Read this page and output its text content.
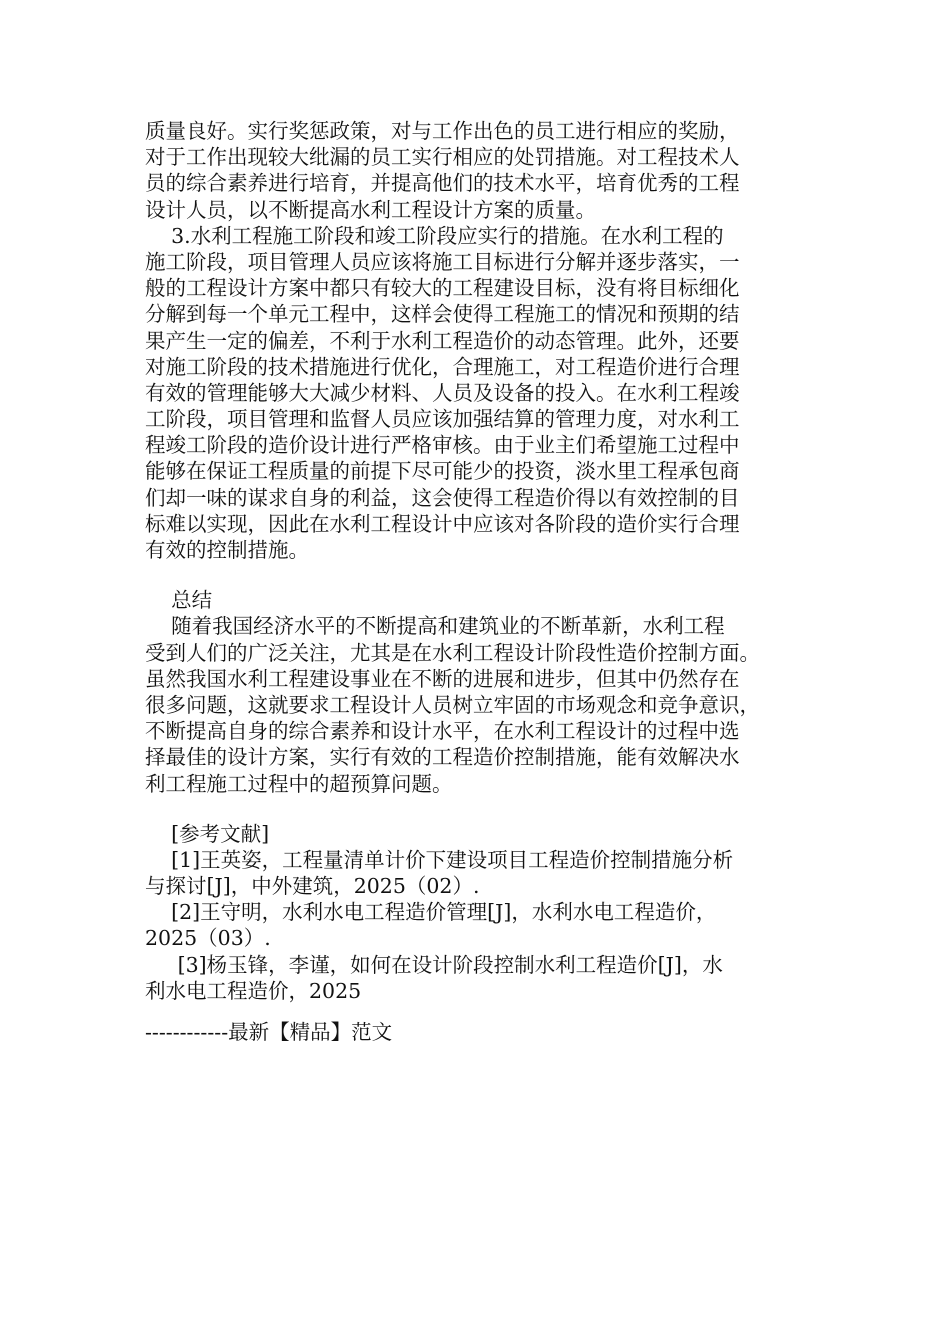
质量良好。实行奖惩政策，对与工作出色的员工进行相应的奖励，
对于工作出现较大纰漏的员工实行相应的处罚措施。对工程技术人
员的综合素养进行培育，并提高他们的技术水平，培育优秀的工程
设计人员，以不断提高水利工程设计方案的质量。
3.水利工程施工阶段和竣工阶段应实行的措施。在水利工程的
施工阶段，项目管理人员应该将施工目标进行分解并逐步落实，一
般的工程设计方案中都只有较大的工程建设目标，没有将目标细化
分解到每一个单元工程中，这样会使得工程施工的情况和预期的结
果产生一定的偏差，不利于水利工程造价的动态管理。此外，还要
对施工阶段的技术措施进行优化，合理施工，对工程造价进行合理
有效的管理能够大大减少材料、人员及设备的投入。在水利工程竣
工阶段，项目管理和监督人员应该加强结算的管理力度，对水利工
程竣工阶段的造价设计进行严格审核。由于业主们希望施工过程中
能够在保证工程质量的前提下尽可能少的投资，淡水里工程承包商
们却一味的谋求自身的利益，这会使得工程造价得以有效控制的目
标难以实现，因此在水利工程设计中应该对各阶段的造价实行合理
有效的控制措施。
总结
随着我国经济水平的不断提高和建筑业的不断革新，水利工程
受到人们的广泛关注，尤其是在水利工程设计阶段性造价控制方面。
虽然我国水利工程建设事业在不断的进展和进步，但其中仍然存在
很多问题，这就要求工程设计人员树立牢固的市场观念和竞争意识，
不断提高自身的综合素养和设计水平，在水利工程设计的过程中选
择最佳的设计方案，实行有效的工程造价控制措施，能有效解决水
利工程施工过程中的超预算问题。
[参考文献]
[1]王英姿，工程量清单计价下建设项目工程造价控制措施分析
与探讨[J]，中外建筑，2025（02）.
[2]王守明，水利水电工程造价管理[J]，水利水电工程造价，
2025（03）.
[3]杨玉锋，李谨，如何在设计阶段控制水利工程造价[J]，水
利水电工程造价，2025
------------最新【精品】范文
